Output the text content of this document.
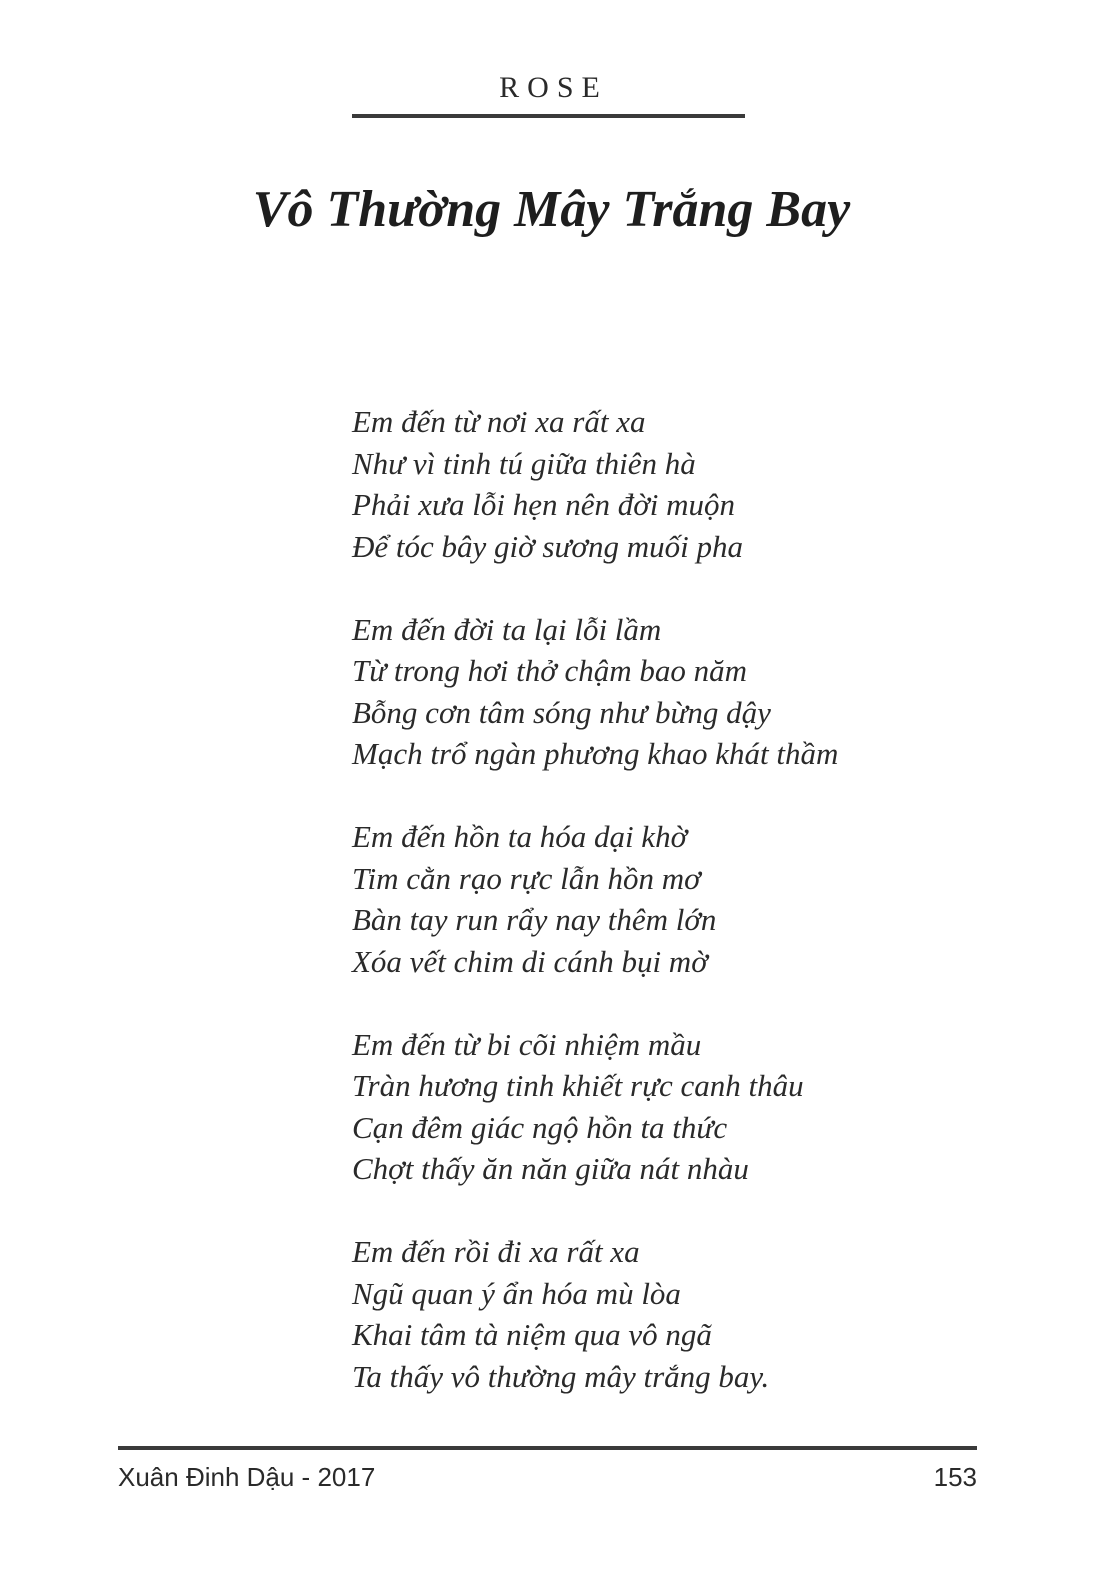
ROSE
Vô Thường Mây Trắng Bay
Em đến từ nơi xa rất xa
Như vì tinh tú giữa thiên hà
Phải xưa lỗi hẹn nên đời muộn
Để tóc bây giờ sương muối pha
Em đến đời ta lại lỗi lầm
Từ trong hơi thở chậm bao năm
Bỗng cơn tâm sóng như bừng dậy
Mạch trổ ngàn phương khao khát thầm
Em đến hồn ta hóa dại khờ
Tim cằn rạo rực lẫn hồn mơ
Bàn tay run rẩy nay thêm lớn
Xóa vết chim di cánh bụi mờ
Em đến từ bi cõi nhiệm mầu
Tràn hương tinh khiết rực canh thâu
Cạn đêm giác ngộ hồn ta thức
Chợt thấy ăn năn giữa nát nhàu
Em đến rồi đi xa rất xa
Ngũ quan ý ẩn hóa mù lòa
Khai tâm tà niệm qua vô ngã
Ta thấy vô thường mây trắng bay.
Xuân Đinh Dậu - 2017	153
